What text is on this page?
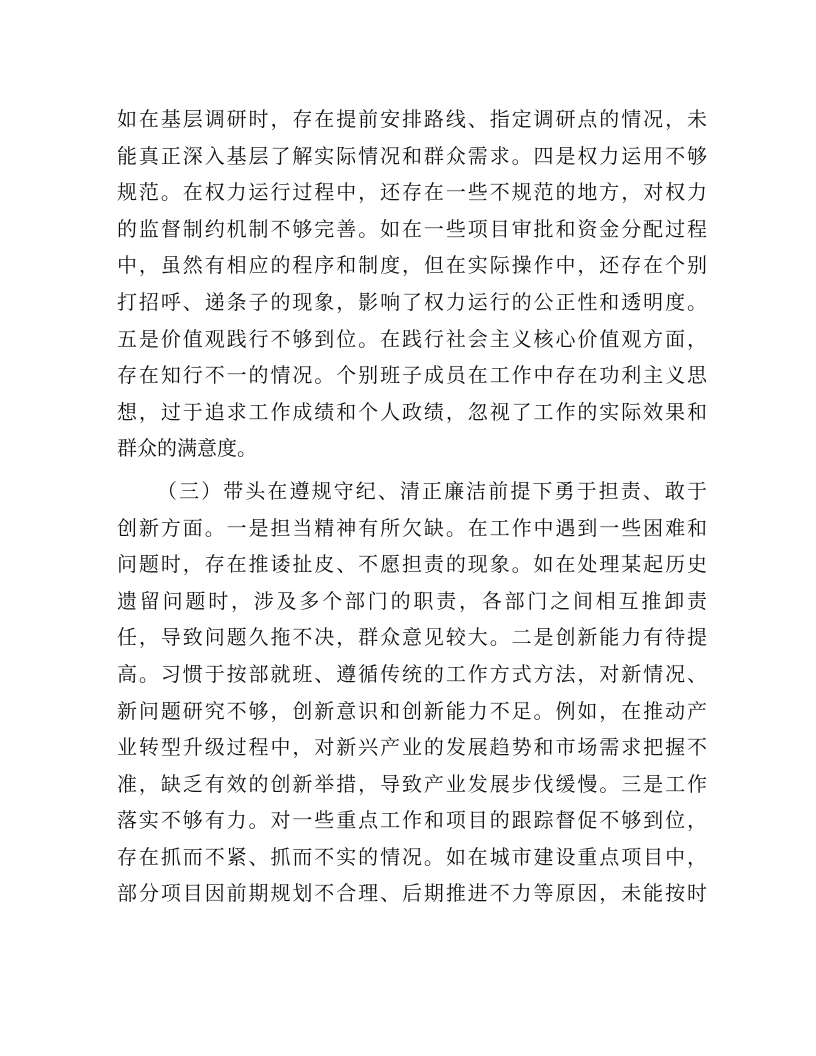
如在基层调研时，存在提前安排路线、指定调研点的情况，未
能真正深入基层了解实际情况和群众需求。四是权力运用不够
规范。在权力运行过程中，还存在一些不规范的地方，对权力
的监督制约机制不够完善。如在一些项目审批和资金分配过程
中，虽然有相应的程序和制度，但在实际操作中，还存在个别
打招呼、递条子的现象，影响了权力运行的公正性和透明度。
五是价值观践行不够到位。在践行社会主义核心价值观方面，
存在知行不一的情况。个别班子成员在工作中存在功利主义思
想，过于追求工作成绩和个人政绩，忽视了工作的实际效果和
群众的满意度。
（三）带头在遵规守纪、清正廉洁前提下勇于担责、敢于
创新方面。一是担当精神有所欠缺。在工作中遇到一些困难和
问题时，存在推诿扯皮、不愿担责的现象。如在处理某起历史
遗留问题时，涉及多个部门的职责，各部门之间相互推卸责
任，导致问题久拖不决，群众意见较大。二是创新能力有待提
高。习惯于按部就班、遵循传统的工作方式方法，对新情况、
新问题研究不够，创新意识和创新能力不足。例如，在推动产
业转型升级过程中，对新兴产业的发展趋势和市场需求把握不
准，缺乏有效的创新举措，导致产业发展步伐缓慢。三是工作
落实不够有力。对一些重点工作和项目的跟踪督促不够到位，
存在抓而不紧、抓而不实的情况。如在城市建设重点项目中，
部分项目因前期规划不合理、后期推进不力等原因，未能按时
